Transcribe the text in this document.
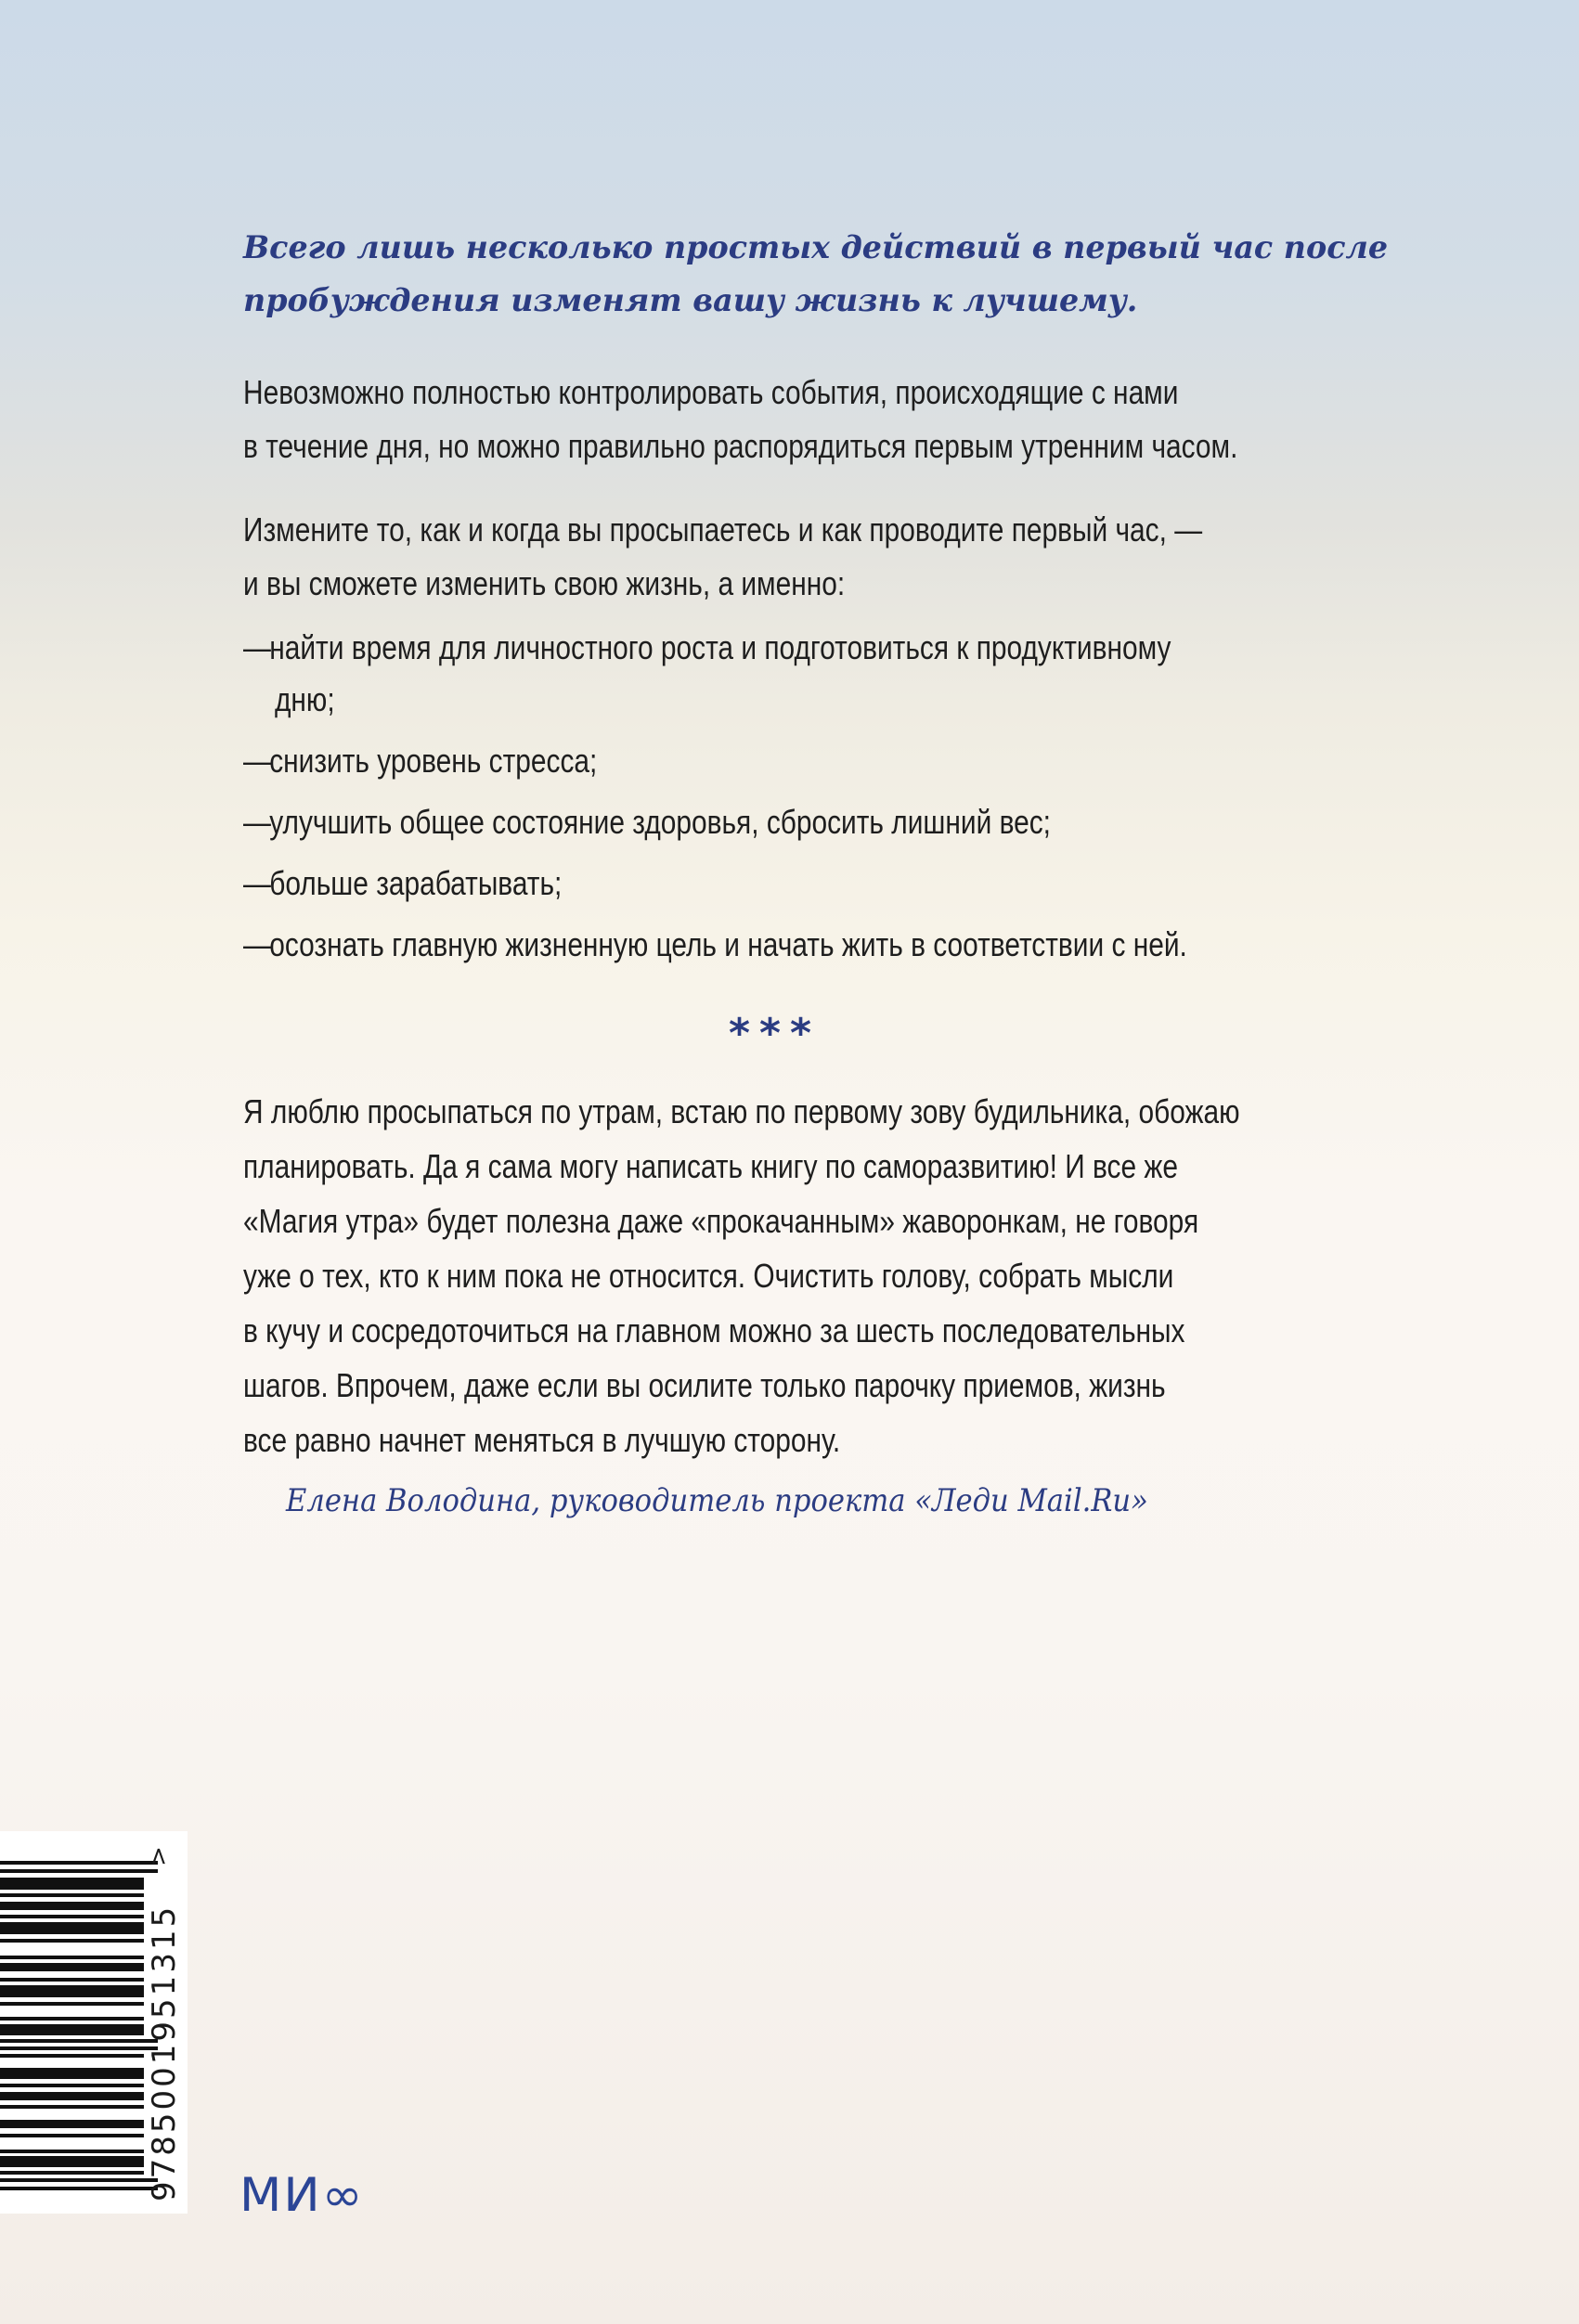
Всего лишь несколько простых действий в первый час после
пробуждения изменят вашу жизнь к лучшему.
Невозможно полностью контролировать события, происходящие с нами
в течение дня, но можно правильно распорядиться первым утренним часом.
Измените то, как и когда вы просыпаетесь и как проводите первый час, —
и вы сможете изменить свою жизнь, а именно:
—найти время для личностного роста и подготовиться к продуктивному
дню;
—снизить уровень стресса;
—улучшить общее состояние здоровья, сбросить лишний вес;
—больше зарабатывать;
—осознать главную жизненную цель и начать жить в соответствии с ней.
***
Я люблю просыпаться по утрам, встаю по первому зову будильника, обожаю
планировать. Да я сама могу написать книгу по саморазвитию! И все же
«Магия утра» будет полезна даже «прокачанным» жаворонкам, не говоря
уже о тех, кто к ним пока не относится. Очистить голову, собрать мысли
в кучу и сосредоточиться на главном можно за шесть последовательных
шагов. Впрочем, даже если вы осилите только парочку приемов, жизнь
все равно начнет меняться в лучшую сторону.
Елена Володина, руководитель проекта «Леди Mail.Ru»
>
9785001951315 МИ∞
